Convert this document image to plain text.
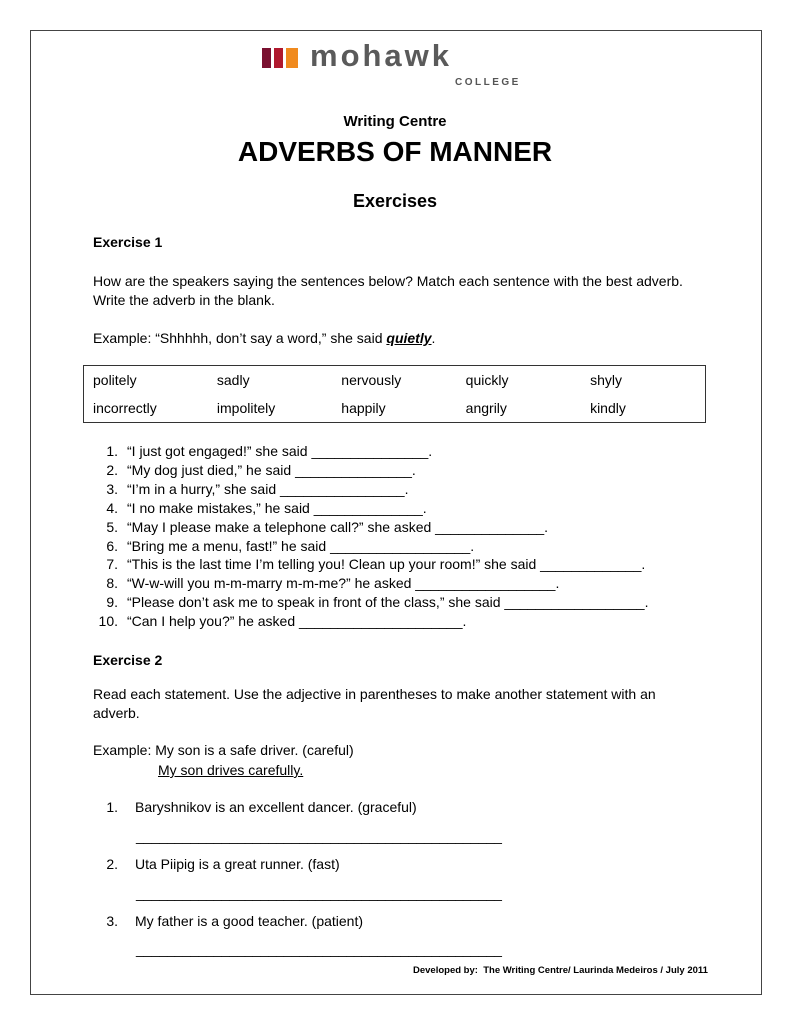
mohawk
COLLEGE
Writing Centre
ADVERBS OF MANNER
Exercises
Exercise 1
How are the speakers saying the sentences below? Match each sentence with the best adverb.
Write the adverb in the blank.
Example: “Shhhhh, don’t say a word,” she said quietly.
politely	sadly	nervously	quickly	shyly
incorrectly	impolitely	happily	angrily	kindly
1. “I just got engaged!” she said _______________.
2. “My dog just died,” he said _______________.
3. “I’m in a hurry,” she said ________________.
4. “I no make mistakes,” he said ______________.
5. “May I please make a telephone call?” she asked ______________.
6. “Bring me a menu, fast!” he said __________________.
7. “This is the last time I’m telling you! Clean up your room!” she said _____________.
8. “W-w-will you m-m-marry m-m-me?” he asked __________________.
9. “Please don’t ask me to speak in front of the class,” she said __________________.
10. “Can I help you?” he asked _____________________.
Exercise 2
Read each statement. Use the adjective in parentheses to make another statement with an
adverb.
Example: My son is a safe driver. (careful)
My son drives carefully.
1. Baryshnikov is an excellent dancer. (graceful)
_______________________________________________
2. Uta Piipig is a great runner. (fast)
_______________________________________________
3. My father is a good teacher. (patient)
_______________________________________________
Developed by:  The Writing Centre/ Laurinda Medeiros / July 2011
